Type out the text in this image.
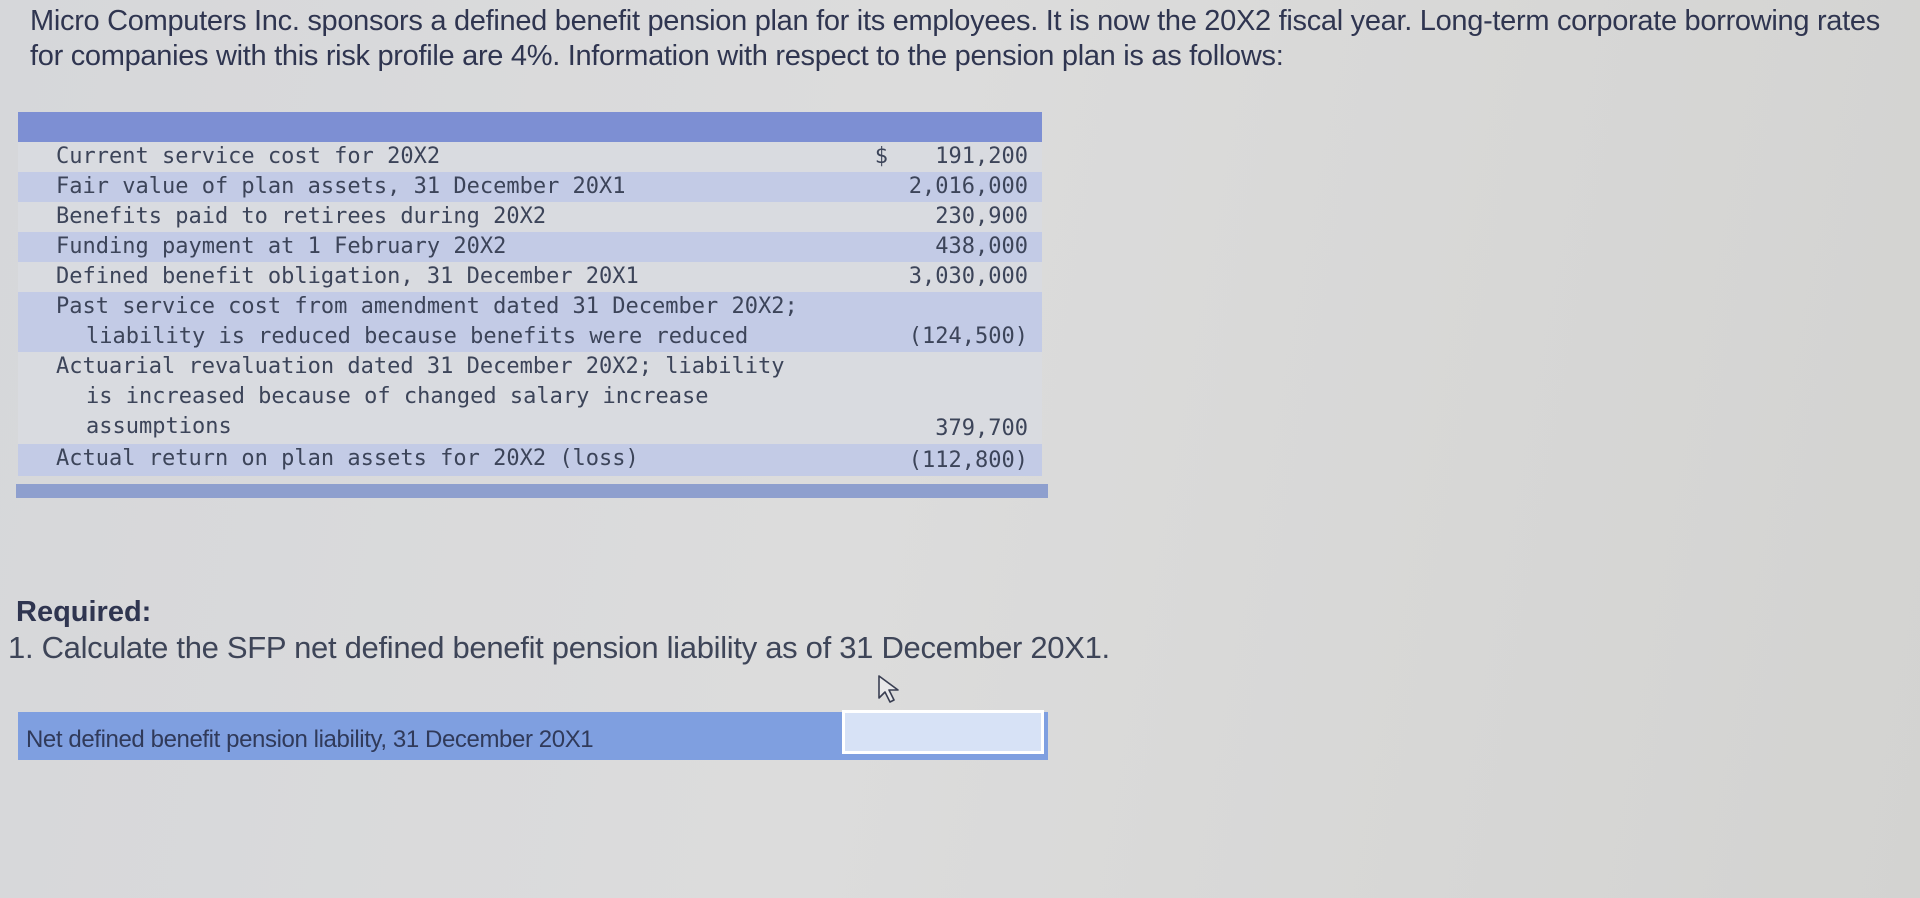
Micro Computers Inc. sponsors a defined benefit pension plan for its employees. It is now the 20X2 fiscal year. Long-term corporate borrowing rates for companies with this risk profile are 4%. Information with respect to the pension plan is as follows:
Current service cost for 20X2	$ 191,200
Fair value of plan assets, 31 December 20X1	2,016,000
Benefits paid to retirees during 20X2	230,900
Funding payment at 1 February 20X2	438,000
Defined benefit obligation, 31 December 20X1	3,030,000
Past service cost from amendment dated 31 December 20X2;
liability is reduced because benefits were reduced	(124,500)
Actuarial revaluation dated 31 December 20X2; liability
is increased because of changed salary increase
assumptions	379,700
Actual return on plan assets for 20X2 (loss)	(112,800)
Required:
1. Calculate the SFP net defined benefit pension liability as of 31 December 20X1.
Net defined benefit pension liability, 31 December 20X1
